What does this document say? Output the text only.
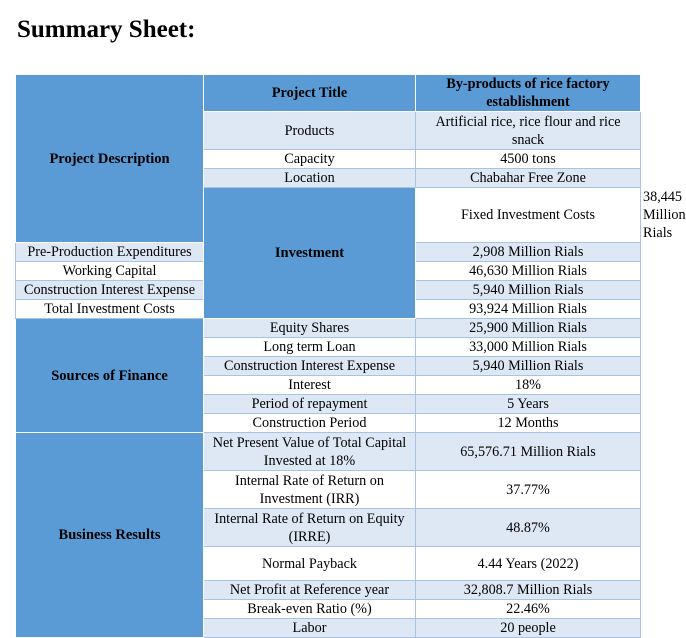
Summary Sheet:
Project Description	Project Title	By-products of rice factory establishment	
	Products	Artificial rice, rice flour and rice snack	
	Capacity	4500 tons	
	Location	Chabahar Free Zone	
	Investment	Fixed Investment Costs	38,445 Million Rials
Pre-Production Expenditures		2,908 Million Rials	
Working Capital		46,630 Million Rials	
Construction Interest Expense		5,940 Million Rials	
Total Investment Costs		93,924 Million Rials	
Sources of Finance	Equity Shares	25,900 Million Rials	
	Long term Loan	33,000 Million Rials	
	Construction Interest Expense	5,940 Million Rials	
	Interest	18%	
	Period of repayment	5 Years	
	Construction Period	12 Months	
Business Results	Net Present Value of Total Capital Invested at 18%	65,576.71 Million Rials	
	Internal Rate of Return on Investment (IRR)	37.77%	
	Internal Rate of Return on Equity (IRRE)	48.87%	
	Normal Payback	4.44 Years (2022)	
	Net Profit at Reference year	32,808.7 Million Rials	
	Break-even Ratio (%)	22.46%	
	Labor	20 people	
